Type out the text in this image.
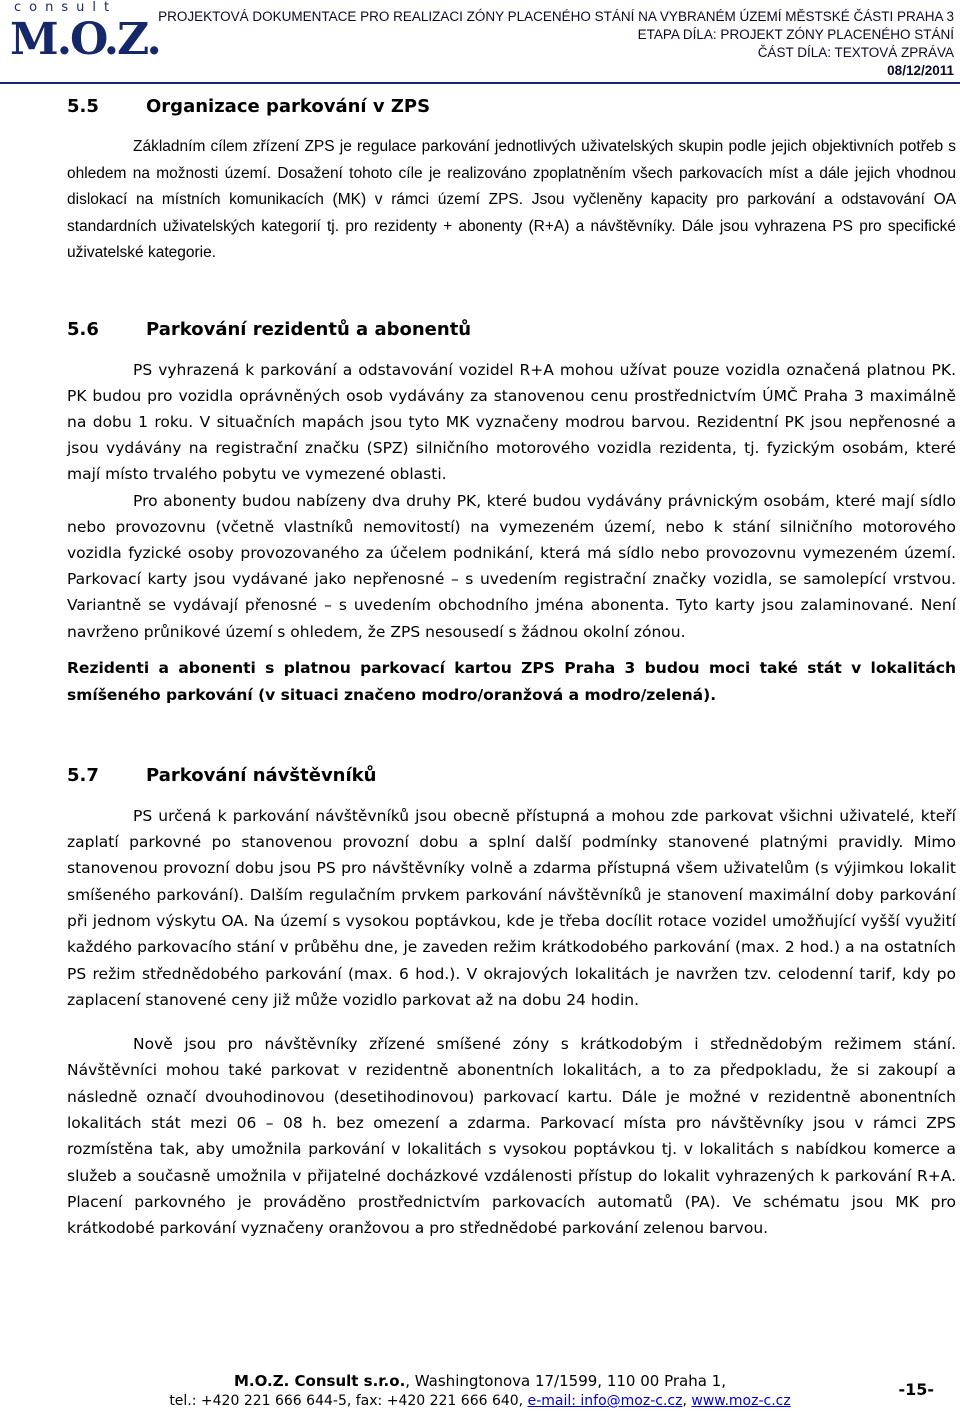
consult
M.O.Z.
PROJEKTOVÁ DOKUMENTACE PRO REALIZACI ZÓNY PLACENÉHO STÁNÍ NA VYBRANÉM ÚZEMÍ MĚSTSKÉ ČÁSTI PRAHA 3
ETAPA DÍLA: PROJEKT ZÓNY PLACENÉHO STÁNÍ
ČÁST DÍLA: TEXTOVÁ ZPRÁVA
08/12/2011
5.5	Organizace parkování v ZPS

Základním cílem zřízení ZPS je regulace parkování jednotlivých uživatelských skupin podle jejich objektivních potřeb s ohledem na možnosti území. Dosažení tohoto cíle je realizováno zpoplatněním všech parkovacích míst a dále jejich vhodnou dislokací na místních komunikacích (MK) v rámci území ZPS. Jsou vyčleněny kapacity pro parkování a odstavování OA standardních uživatelských kategorií tj. pro rezidenty + abonenty (R+A) a návštěvníky. Dále jsou vyhrazena PS pro specifické uživatelské kategorie.

5.6	Parkování rezidentů a abonentů

PS vyhrazená k parkování a odstavování vozidel R+A mohou užívat pouze vozidla označená platnou PK. PK budou pro vozidla oprávněných osob vydávány za stanovenou cenu prostřednictvím ÚMČ Praha 3 maximálně na dobu 1 roku. V situačních mapách jsou tyto MK vyznačeny modrou barvou. Rezidentní PK jsou nepřenosné a jsou vydávány na registrační značku (SPZ) silničního motorového vozidla rezidenta, tj. fyzickým osobám, které mají místo trvalého pobytu ve vymezené oblasti.

Pro abonenty budou nabízeny dva druhy PK, které budou vydávány právnickým osobám, které mají sídlo nebo provozovnu (včetně vlastníků nemovitostí) na vymezeném území, nebo k stání silničního motorového vozidla fyzické osoby provozovaného za účelem podnikání, která má sídlo nebo provozovnu vymezeném území. Parkovací karty jsou vydávané jako nepřenosné – s uvedením registrační značky vozidla, se samolepící vrstvou. Variantně se vydávají přenosné – s uvedením obchodního jména abonenta. Tyto karty jsou zalaminované. Není navrženo průnikové území s ohledem, že ZPS nesousedí s žádnou okolní zónou.

Rezidenti a abonenti s platnou parkovací kartou ZPS Praha 3 budou moci také stát v lokalitách smíšeného parkování (v situaci značeno modro/oranžová a modro/zelená).

5.7	Parkování návštěvníků

PS určená k parkování návštěvníků jsou obecně přístupná a mohou zde parkovat všichni uživatelé, kteří zaplatí parkovné po stanovenou provozní dobu a splní další podmínky stanovené platnými pravidly. Mimo stanovenou provozní dobu jsou PS pro návštěvníky volně a zdarma přístupná všem uživatelům (s výjimkou lokalit smíšeného parkování). Dalším regulačním prvkem parkování návštěvníků je stanovení maximální doby parkování při jednom výskytu OA. Na území s vysokou poptávkou, kde je třeba docílit rotace vozidel umožňující vyšší využití každého parkovacího stání v průběhu dne, je zaveden režim krátkodobého parkování (max. 2 hod.) a na ostatních PS režim střednědobého parkování (max. 6 hod.). V okrajových lokalitách je navržen tzv. celodenní tarif, kdy po zaplacení stanovené ceny již může vozidlo parkovat až na dobu 24 hodin.

Nově jsou pro návštěvníky zřízené smíšené zóny s krátkodobým i střednědobým režimem stání. Návštěvníci mohou také parkovat v rezidentně abonentních lokalitách, a to za předpokladu, že si zakoupí a následně označí dvouhodinovou (desetihodinovou) parkovací kartu. Dále je možné v rezidentně abonentních lokalitách stát mezi 06 – 08 h. bez omezení a zdarma. Parkovací místa pro návštěvníky jsou v rámci ZPS rozmístěna tak, aby umožnila parkování v lokalitách s vysokou poptávkou tj. v lokalitách s nabídkou komerce a služeb a současně umožnila v přijatelné docházkové vzdálenosti přístup do lokalit vyhrazených k parkování R+A. Placení parkovného je prováděno prostřednictvím parkovacích automatů (PA). Ve schématu jsou MK pro krátkodobé parkování vyznačeny oranžovou a pro střednědobé parkování zelenou barvou.

M.O.Z. Consult s.r.o., Washingtonova 17/1599, 110 00 Praha 1,
tel.: +420 221 666 644-5, fax: +420 221 666 640, e-mail: info@moz-c.cz, www.moz-c.cz
-15-
